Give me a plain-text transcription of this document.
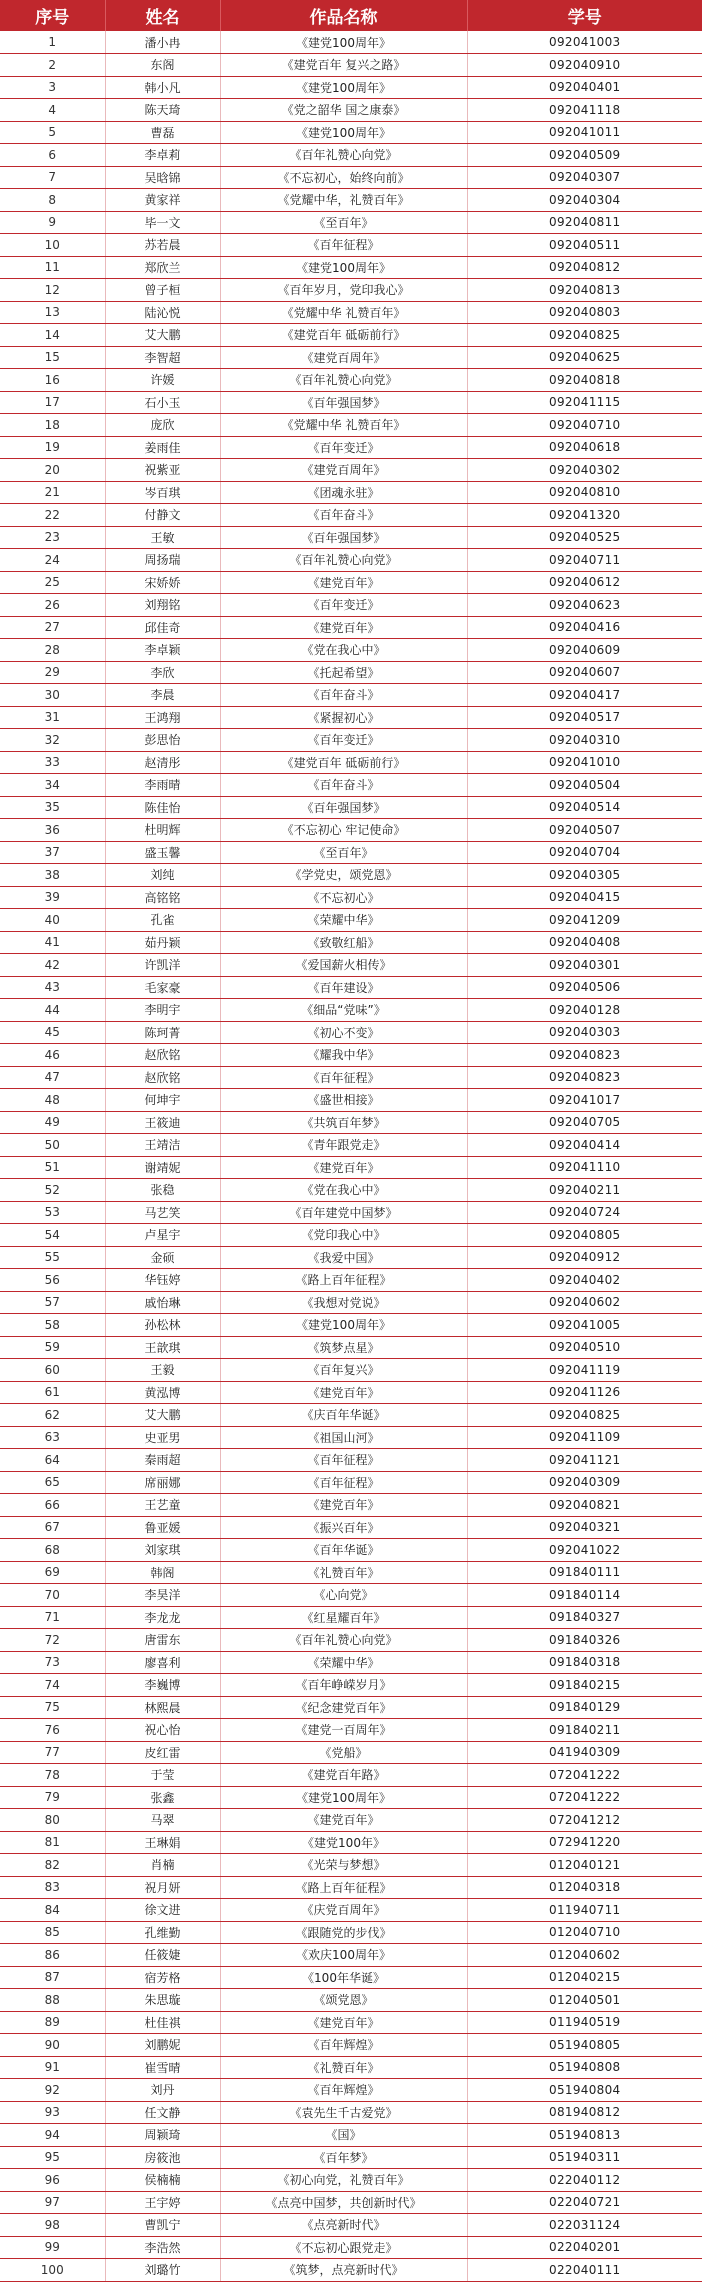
序号	姓名	作品名称	学号
1	潘小冉	《建党100周年》	092041003
2	东阁	《建党百年 复兴之路》	092040910
3	韩小凡	《建党100周年》	092040401
4	陈天琦	《党之韶华 国之康泰》	092041118
5	曹磊	《建党100周年》	092041011
6	李卓莉	《百年礼赞心向党》	092040509
7	吴晗锦	《不忘初心，始终向前》	092040307
8	黄家祥	《党耀中华，礼赞百年》	092040304
9	毕一文	《至百年》	092040811
10	苏若晨	《百年征程》	092040511
11	郑欣兰	《建党100周年》	092040812
12	曾子桓	《百年岁月，党印我心》	092040813
13	陆沁悦	《党耀中华 礼赞百年》	092040803
14	艾大鹏	《建党百年 砥砺前行》	092040825
15	李智超	《建党百周年》	092040625
16	许媛	《百年礼赞心向党》	092040818
17	石小玉	《百年强国梦》	092041115
18	庞欣	《党耀中华 礼赞百年》	092040710
19	姜雨佳	《百年变迁》	092040618
20	祝紫亚	《建党百周年》	092040302
21	岑百琪	《团魂永驻》	092040810
22	付静文	《百年奋斗》	092041320
23	王敏	《百年强国梦》	092040525
24	周扬瑞	《百年礼赞心向党》	092040711
25	宋娇娇	《建党百年》	092040612
26	刘翔铭	《百年变迁》	092040623
27	邱佳奇	《建党百年》	092040416
28	李卓颖	《党在我心中》	092040609
29	李欣	《托起希望》	092040607
30	李晨	《百年奋斗》	092040417
31	王鸿翔	《紧握初心》	092040517
32	彭思怡	《百年变迁》	092040310
33	赵清彤	《建党百年 砥砺前行》	092041010
34	李雨晴	《百年奋斗》	092040504
35	陈佳怡	《百年强国梦》	092040514
36	杜明辉	《不忘初心 牢记使命》	092040507
37	盛玉馨	《至百年》	092040704
38	刘纯	《学党史，颂党恩》	092040305
39	高铭铭	《不忘初心》	092040415
40	孔雀	《荣耀中华》	092041209
41	茹丹颖	《致敬红船》	092040408
42	许凯洋	《爱国薪火相传》	092040301
43	毛家豪	《百年建设》	092040506
44	李明宇	《细品“党味”》	092040128
45	陈珂菁	《初心不变》	092040303
46	赵欣铭	《耀我中华》	092040823
47	赵欣铭	《百年征程》	092040823
48	何坤宇	《盛世相接》	092041017
49	王筱迪	《共筑百年梦》	092040705
50	王靖洁	《青年跟党走》	092040414
51	谢靖妮	《建党百年》	092041110
52	张稳	《党在我心中》	092040211
53	马艺笑	《百年建党中国梦》	092040724
54	卢星宇	《党印我心中》	092040805
55	金硕	《我爱中国》	092040912
56	华钰婷	《路上百年征程》	092040402
57	戚怡琳	《我想对党说》	092040602
58	孙松林	《建党100周年》	092041005
59	王歆琪	《筑梦点星》	092040510
60	王毅	《百年复兴》	092041119
61	黄泓博	《建党百年》	092041126
62	艾大鹏	《庆百年华诞》	092040825
63	史亚男	《祖国山河》	092041109
64	秦雨超	《百年征程》	092041121
65	席丽娜	《百年征程》	092040309
66	王艺童	《建党百年》	092040821
67	鲁亚媛	《振兴百年》	092040321
68	刘家琪	《百年华诞》	092041022
69	韩阁	《礼赞百年》	091840111
70	李昊洋	《心向党》	091840114
71	李龙龙	《红星耀百年》	091840327
72	唐雷东	《百年礼赞心向党》	091840326
73	廖喜利	《荣耀中华》	091840318
74	李巍博	《百年峥嵘岁月》	091840215
75	林熙晨	《纪念建党百年》	091840129
76	祝心怡	《建党一百周年》	091840211
77	皮红雷	《党船》	041940309
78	于莹	《建党百年路》	072041222
79	张鑫	《建党100周年》	072041222
80	马翠	《建党百年》	072041212
81	王琳娟	《建党100年》	072941220
82	肖楠	《光荣与梦想》	012040121
83	祝月妍	《路上百年征程》	012040318
84	徐文进	《庆党百周年》	011940711
85	孔维勤	《跟随党的步伐》	012040710
86	任筱婕	《欢庆100周年》	012040602
87	宿芳格	《100年华诞》	012040215
88	朱思璇	《颂党恩》	012040501
89	杜佳祺	《建党百年》	011940519
90	刘鹏妮	《百年辉煌》	051940805
91	崔雪晴	《礼赞百年》	051940808
92	刘丹	《百年辉煌》	051940804
93	任文静	《袁先生千古爱党》	081940812
94	周颖琦	《国》	051940813
95	房筱池	《百年梦》	051940311
96	侯楠楠	《初心向党，礼赞百年》	022040112
97	王宇婷	《点亮中国梦，共创新时代》	022040721
98	曹凯宁	《点亮新时代》	022031124
99	李浩然	《不忘初心跟党走》	022040201
100	刘璐竹	《筑梦，点亮新时代》	022040111
